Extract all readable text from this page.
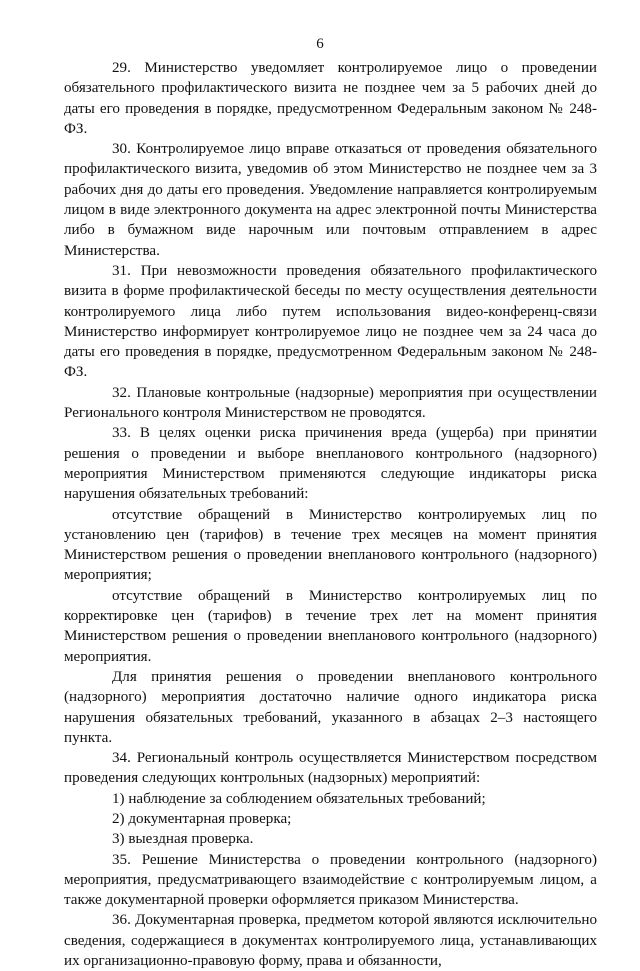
6

29. Министерство уведомляет контролируемое лицо о проведении обязательного профилактического визита не позднее чем за 5 рабочих дней до даты его проведения в порядке, предусмотренном Федеральным законом № 248-ФЗ.

30. Контролируемое лицо вправе отказаться от проведения обязательного профилактического визита, уведомив об этом Министерство не позднее чем за 3 рабочих дня до даты его проведения. Уведомление направляется контролируемым лицом в виде электронного документа на адрес электронной почты Министерства либо в бумажном виде нарочным или почтовым отправлением в адрес Министерства.

31. При невозможности проведения обязательного профилактического визита в форме профилактической беседы по месту осуществления деятельности контролируемого лица либо путем использования видео-конференц-связи Министерство информирует контролируемое лицо не позднее чем за 24 часа до даты его проведения в порядке, предусмотренном Федеральным законом № 248-ФЗ.

32. Плановые контрольные (надзорные) мероприятия при осуществлении Регионального контроля Министерством не проводятся.

33. В целях оценки риска причинения вреда (ущерба) при принятии решения о проведении и выборе внепланового контрольного (надзорного) мероприятия Министерством применяются следующие индикаторы риска нарушения обязательных требований:

отсутствие обращений в Министерство контролируемых лиц по установлению цен (тарифов) в течение трех месяцев на момент принятия Министерством решения о проведении внепланового контрольного (надзорного) мероприятия;

отсутствие обращений в Министерство контролируемых лиц по корректировке цен (тарифов) в течение трех лет на момент принятия Министерством решения о проведении внепланового контрольного (надзорного) мероприятия.

Для принятия решения о проведении внепланового контрольного (надзорного) мероприятия достаточно наличие одного индикатора риска нарушения обязательных требований, указанного в абзацах 2–3 настоящего пункта.

34. Региональный контроль осуществляется Министерством посредством проведения следующих контрольных (надзорных) мероприятий:

1) наблюдение за соблюдением обязательных требований;

2) документарная проверка;

3) выездная проверка.

35. Решение Министерства о проведении контрольного (надзорного) мероприятия, предусматривающего взаимодействие с контролируемым лицом, а также документарной проверки оформляется приказом Министерства.

36. Документарная проверка, предметом которой являются исключительно сведения, содержащиеся в документах контролируемого лица, устанавливающих их организационно-правовую форму, права и обязанности,
